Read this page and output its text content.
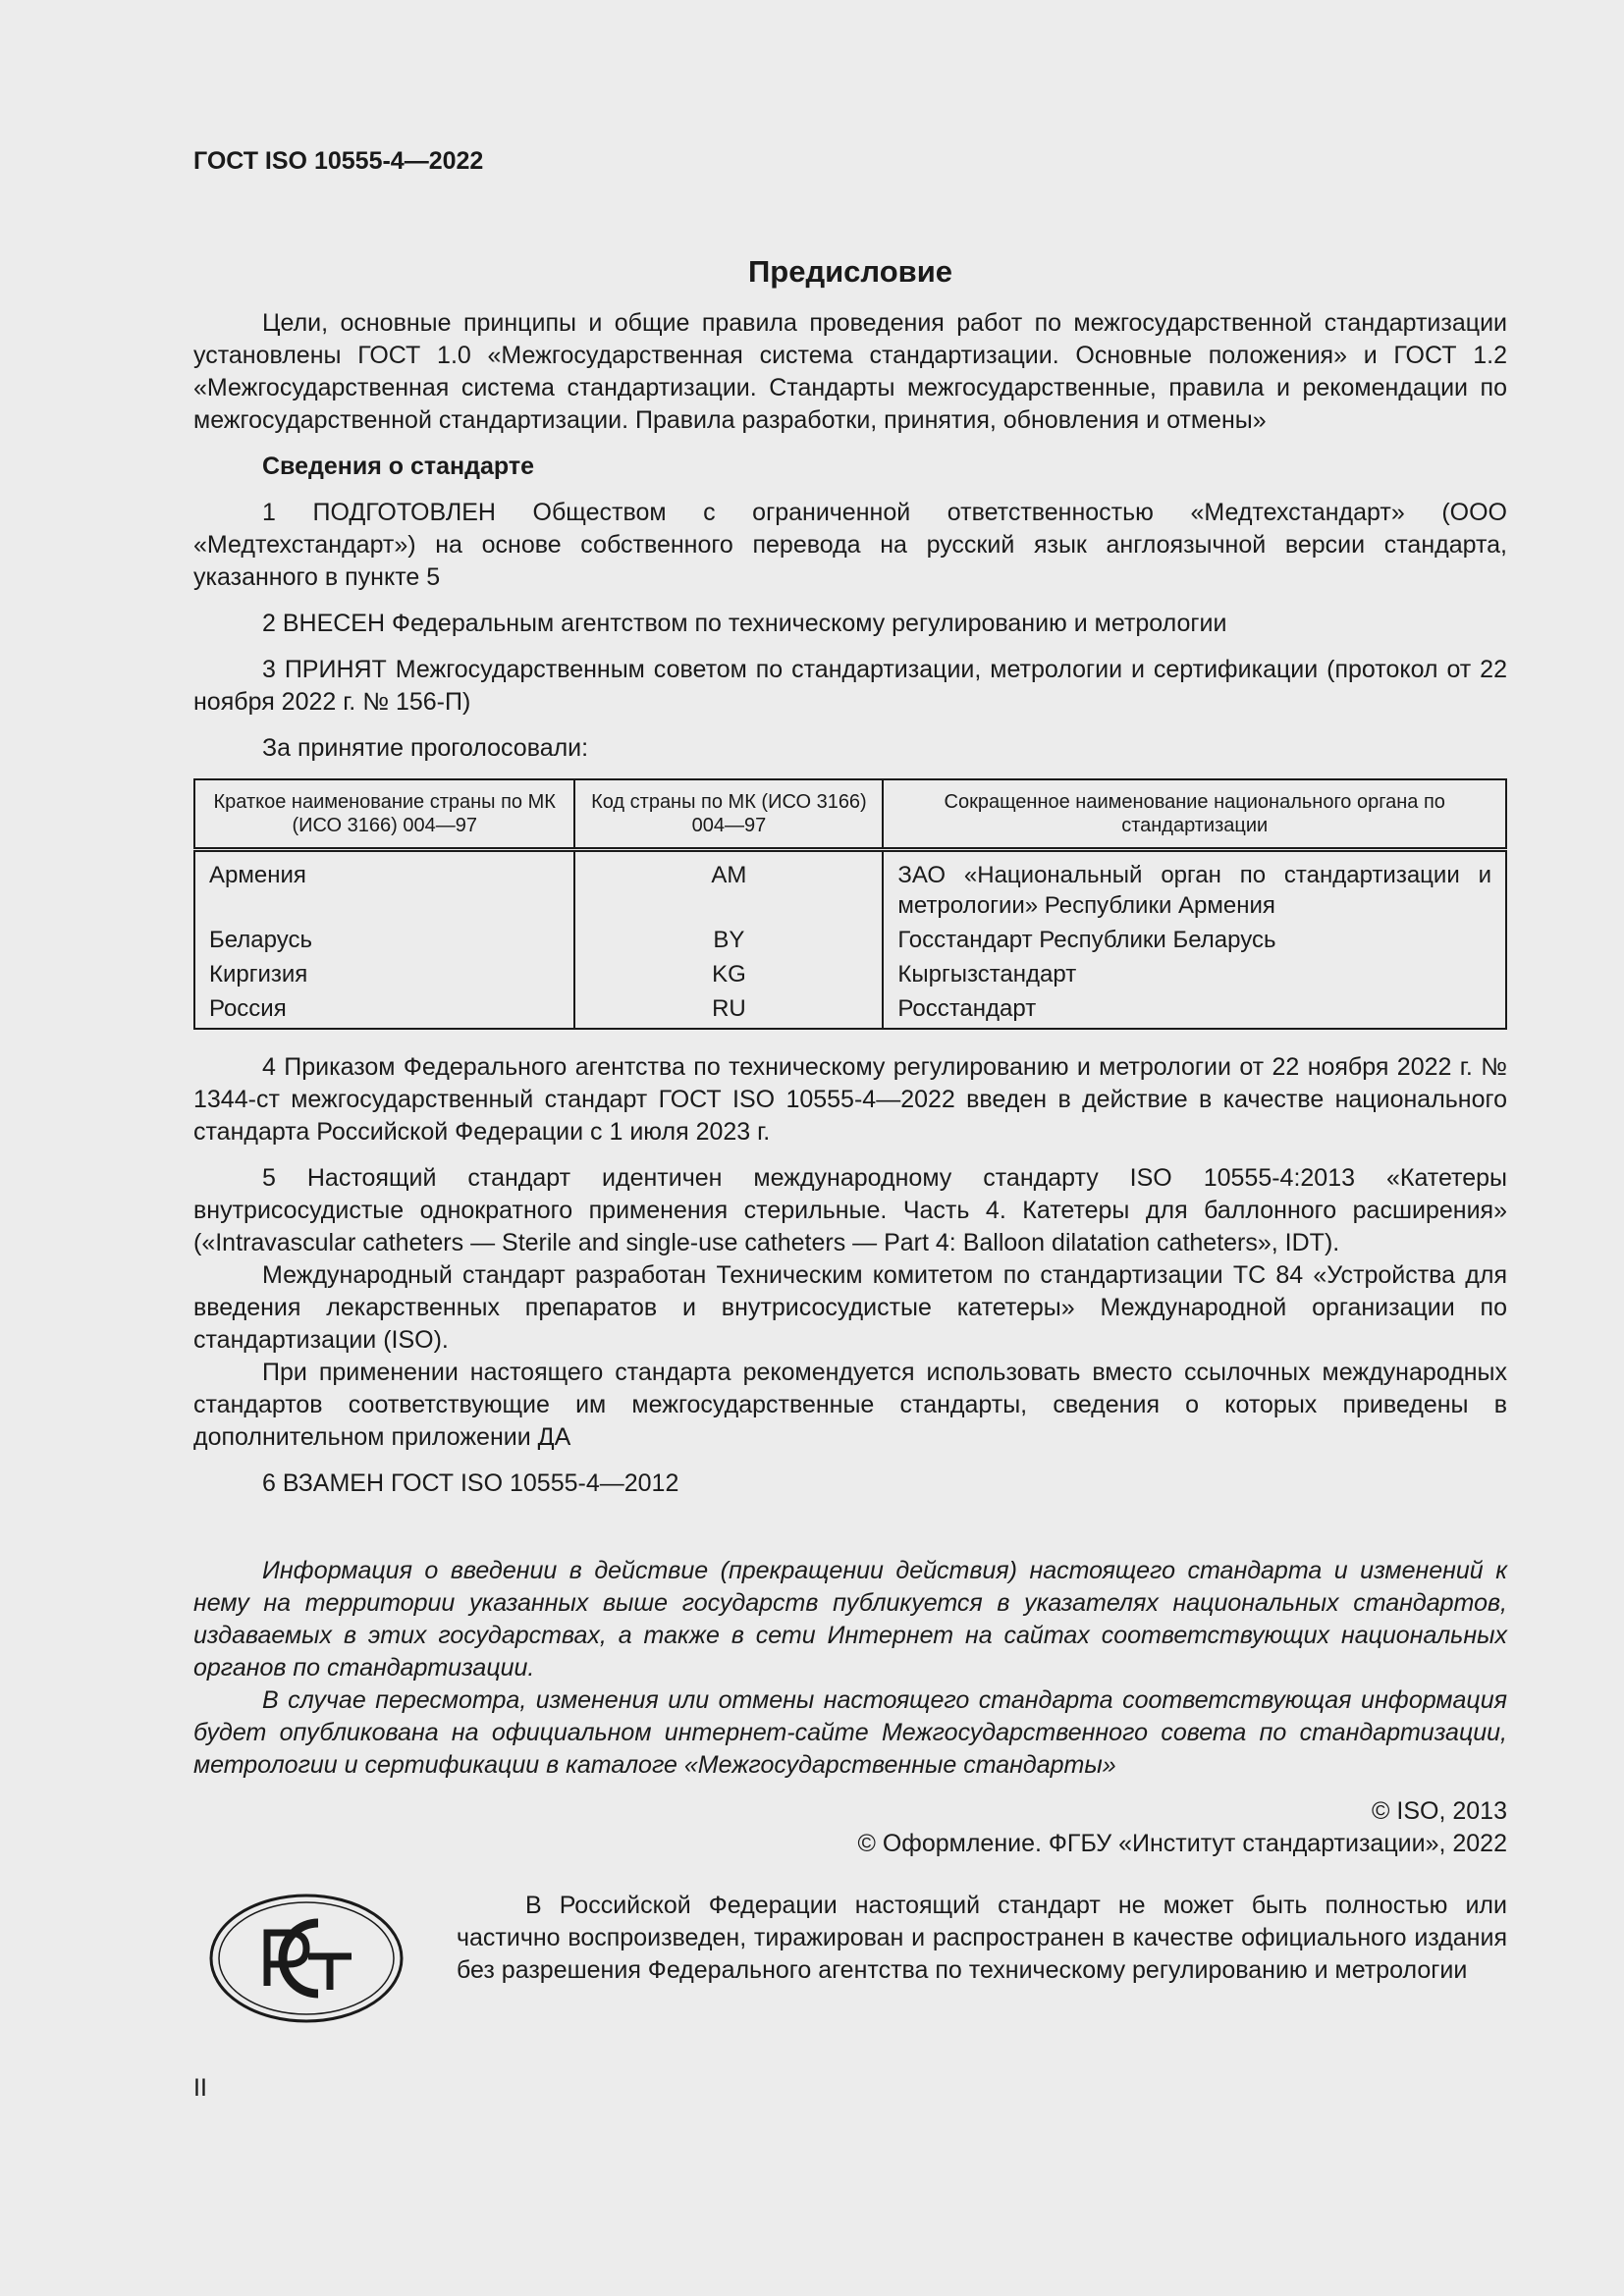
ГОСТ ISO 10555-4—2022
Предисловие

Цели, основные принципы и общие правила проведения работ по межгосударственной стандартизации установлены ГОСТ 1.0 «Межгосударственная система стандартизации. Основные положения» и ГОСТ 1.2 «Межгосударственная система стандартизации. Стандарты межгосударственные, правила и рекомендации по межгосударственной стандартизации. Правила разработки, принятия, обновления и отмены»

Сведения о стандарте

1 ПОДГОТОВЛЕН Обществом с ограниченной ответственностью «Медтехстандарт» (ООО «Медтехстандарт») на основе собственного перевода на русский язык англоязычной версии стандарта, указанного в пункте 5

2 ВНЕСЕН Федеральным агентством по техническому регулированию и метрологии

3 ПРИНЯТ Межгосударственным советом по стандартизации, метрологии и сертификации (протокол от 22 ноября 2022 г. № 156-П)

За принятие проголосовали:

Краткое наименование страны по МК (ИСО 3166) 004—97	Код страны по МК (ИСО 3166) 004—97	Сокращенное наименование национального органа по стандартизации
Армения	AM	ЗАО «Национальный орган по стандартизации и метрологии» Республики Армения
Беларусь	BY	Госстандарт Республики Беларусь
Киргизия	KG	Кыргызстандарт
Россия	RU	Росстандарт

4 Приказом Федерального агентства по техническому регулированию и метрологии от 22 ноября 2022 г. № 1344-ст межгосударственный стандарт ГОСТ ISO 10555-4—2022 введен в действие в качестве национального стандарта Российской Федерации с 1 июля 2023 г.

5 Настоящий стандарт идентичен международному стандарту ISO 10555-4:2013 «Катетеры внутрисосудистые однократного применения стерильные. Часть 4. Катетеры для баллонного расширения» («Intravascular catheters — Sterile and single-use catheters — Part 4: Balloon dilatation catheters», IDT).

Международный стандарт разработан Техническим комитетом по стандартизации ТС 84 «Устройства для введения лекарственных препаратов и внутрисосудистые катетеры» Международной организации по стандартизации (ISO).

При применении настоящего стандарта рекомендуется использовать вместо ссылочных международных стандартов соответствующие им межгосударственные стандарты, сведения о которых приведены в дополнительном приложении ДА

6 ВЗАМЕН ГОСТ ISO 10555-4—2012

Информация о введении в действие (прекращении действия) настоящего стандарта и изменений к нему на территории указанных выше государств публикуется в указателях национальных стандартов, издаваемых в этих государствах, а также в сети Интернет на сайтах соответствующих национальных органов по стандартизации.

В случае пересмотра, изменения или отмены настоящего стандарта соответствующая информация будет опубликована на официальном интернет-сайте Межгосударственного совета по стандартизации, метрологии и сертификации в каталоге «Межгосударственные стандарты»

© ISO, 2013
© Оформление. ФГБУ «Институт стандартизации», 2022

В Российской Федерации настоящий стандарт не может быть полностью или частично воспроизведен, тиражирован и распространен в качестве официального издания без разрешения Федерального агентства по техническому регулированию и метрологии

II
